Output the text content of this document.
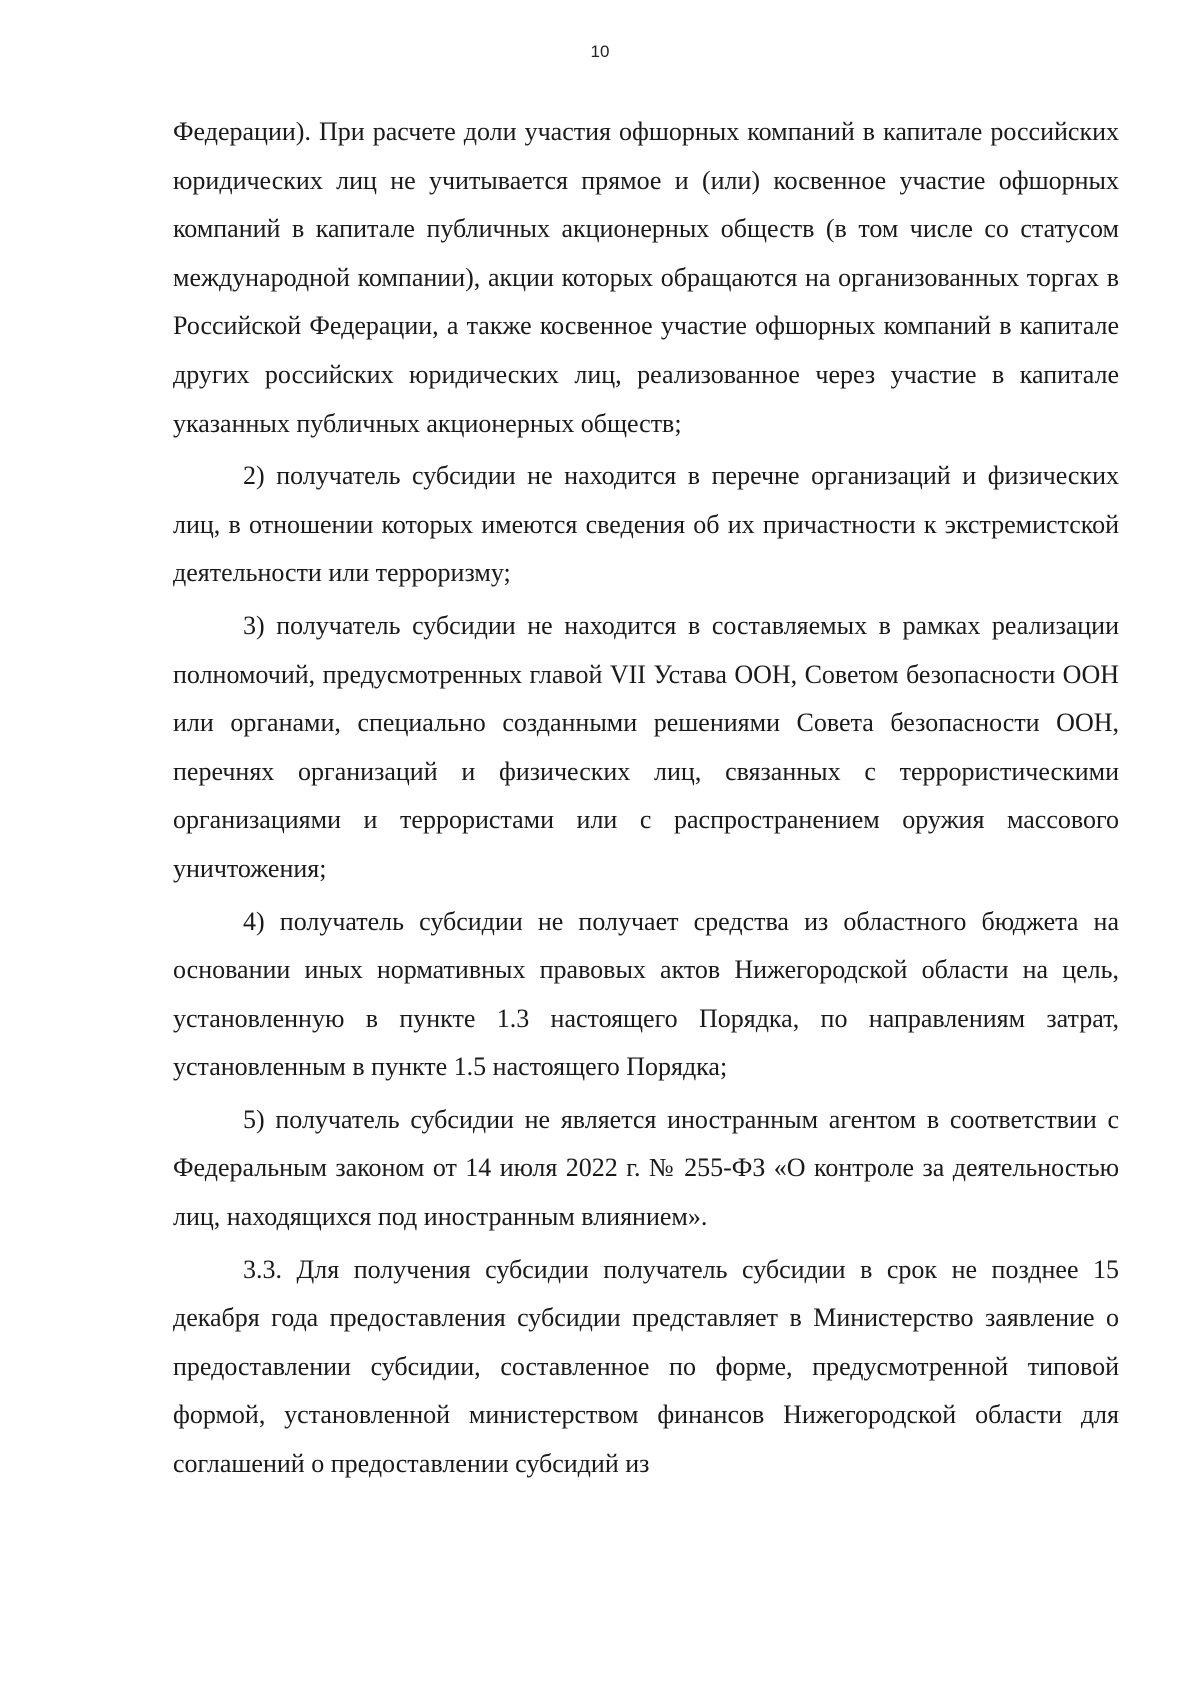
10

Федерации). При расчете доли участия офшорных компаний в капитале российских юридических лиц не учитывается прямое и (или) косвенное участие офшорных компаний в капитале публичных акционерных обществ (в том числе со статусом международной компании), акции которых обращаются на организованных торгах в Российской Федерации, а также косвенное участие офшорных компаний в капитале других российских юридических лиц, реализованное через участие в капитале указанных публичных акционерных обществ;

2) получатель субсидии не находится в перечне организаций и физических лиц, в отношении которых имеются сведения об их причастности к экстремистской деятельности или терроризму;

3) получатель субсидии не находится в составляемых в рамках реализации полномочий, предусмотренных главой VII Устава ООН, Советом безопасности ООН или органами, специально созданными решениями Совета безопасности ООН, перечнях организаций и физических лиц, связанных с террористическими организациями и террористами или с распространением оружия массового уничтожения;

4) получатель субсидии не получает средства из областного бюджета на основании иных нормативных правовых актов Нижегородской области на цель, установленную в пункте 1.3 настоящего Порядка, по направлениям затрат, установленным в пункте 1.5 настоящего Порядка;

5) получатель субсидии не является иностранным агентом в соответствии с Федеральным законом от 14 июля 2022 г. № 255-ФЗ «О контроле за деятельностью лиц, находящихся под иностранным влиянием».

3.3. Для получения субсидии получатель субсидии в срок не позднее 15 декабря года предоставления субсидии представляет в Министерство заявление о предоставлении субсидии, составленное по форме, предусмотренной типовой формой, установленной министерством финансов Нижегородской области для соглашений о предоставлении субсидий из
